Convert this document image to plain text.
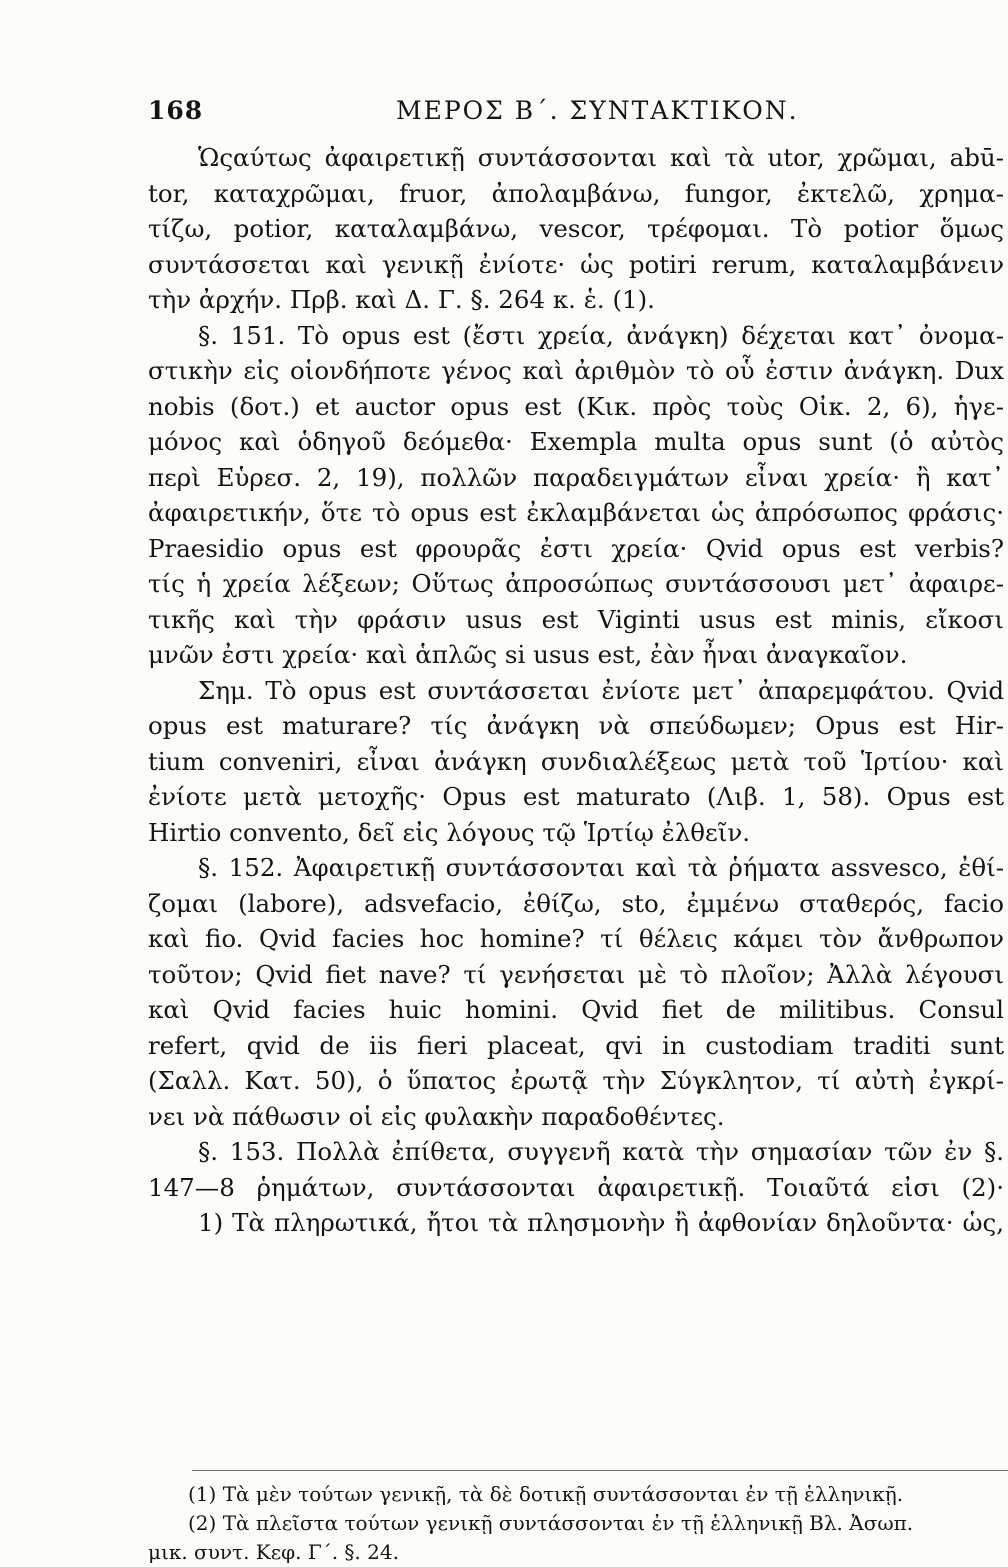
168	ΜΕΡΟΣ Β΄. ΣΥΝΤΑΚΤΙΚΟΝ.
Ὡςαύτως ἀφαιρετικῇ συντάσσονται καὶ τὰ utor, χρῶμαι, abū-
tor, καταχρῶμαι, fruor, ἀπολαμβάνω, fungor, ἐκτελῶ, χρημα-
τίζω, potior, καταλαμβάνω, vescor, τρέφομαι. Τὸ potior ὅμως
συντάσσεται καὶ γενικῇ ἐνίοτε· ὡς potiri rerum, καταλαμβάνειν
τὴν ἀρχήν. Πρβ. καὶ Δ. Γ. §. 264 κ. ἑ. (1).
§. 151. Τὸ opus est (ἔστι χρεία, ἀνάγκη) δέχεται κατ᾽ ὀνομα-
στικὴν εἰς οἱονδήποτε γένος καὶ ἀριθμὸν τὸ οὗ ἐστιν ἀνάγκη. Dux
nobis (δοτ.) et auctor opus est (Κικ. πρὸς τοὺς Οἰκ. 2, 6), ἡγε-
μόνος καὶ ὁδηγοῦ δεόμεθα· Exempla multa opus sunt (ὁ αὐτὸς
περὶ Εὑρεσ. 2, 19), πολλῶν παραδειγμάτων εἶναι χρεία· ἢ κατ᾽
ἀφαιρετικήν, ὅτε τὸ opus est ἐκλαμβάνεται ὡς ἀπρόσωπος φράσις·
Praesidio opus est φρουρᾶς ἐστι χρεία· Qvid opus est verbis?
τίς ἡ χρεία λέξεων; Οὕτως ἀπροσώπως συντάσσουσι μετ᾽ ἀφαιρε-
τικῆς καὶ τὴν φράσιν usus est Viginti usus est minis, εἴκοσι
μνῶν ἐστι χρεία· καὶ ἁπλῶς si usus est, ἐὰν ἦναι ἀναγκαῖον.
Σημ. Τὸ opus est συντάσσεται ἐνίοτε μετ᾽ ἀπαρεμφάτου. Qvid
opus est maturare? τίς ἀνάγκη νὰ σπεύδωμεν; Opus est Hir-
tium conveniri, εἶναι ἀνάγκη συνδιαλέξεως μετὰ τοῦ Ἱρτίου· καὶ
ἐνίοτε μετὰ μετοχῆς· Opus est maturato (Λιβ. 1, 58). Opus est
Hirtio convento, δεῖ εἰς λόγους τῷ Ἱρτίῳ ἐλθεῖν.
§. 152. Ἀφαιρετικῇ συντάσσονται καὶ τὰ ῥήματα assvesco, ἐθί-
ζομαι (labore), adsvefacio, ἐθίζω, sto, ἐμμένω σταθερός, facio
καὶ fio. Qvid facies hoc homine? τί θέλεις κάμει τὸν ἄνθρωπον
τοῦτον; Qvid fiet nave? τί γενήσεται μὲ τὸ πλοῖον; Ἀλλὰ λέγουσι
καὶ Qvid facies huic homini. Qvid fiet de militibus. Consul
refert, qvid de iis fieri placeat, qvi in custodiam traditi sunt
(Σαλλ. Κατ. 50), ὁ ὕπατος ἐρωτᾷ τὴν Σύγκλητον, τί αὐτὴ ἐγκρί-
νει νὰ πάθωσιν οἱ εἰς φυλακὴν παραδοθέντες.
§. 153. Πολλὰ ἐπίθετα, συγγενῆ κατὰ τὴν σημασίαν τῶν ἐν §.
147—8 ῥημάτων, συντάσσονται ἀφαιρετικῇ. Τοιαῦτά εἰσι (2)·
1) Τὰ πληρωτικά, ἤτοι τὰ πλησμονὴν ἢ ἀφθονίαν δηλοῦντα· ὡς,
(1) Τὰ μὲν τούτων γενικῇ, τὰ δὲ δοτικῇ συντάσσονται ἐν τῇ ἑλληνικῇ.
(2) Τὰ πλεῖστα τούτων γενικῇ συντάσσονται ἐν τῇ ἑλληνικῇ Βλ. Ἀσωπ.
μικ. συντ. Κεφ. Γ΄. §. 24.
